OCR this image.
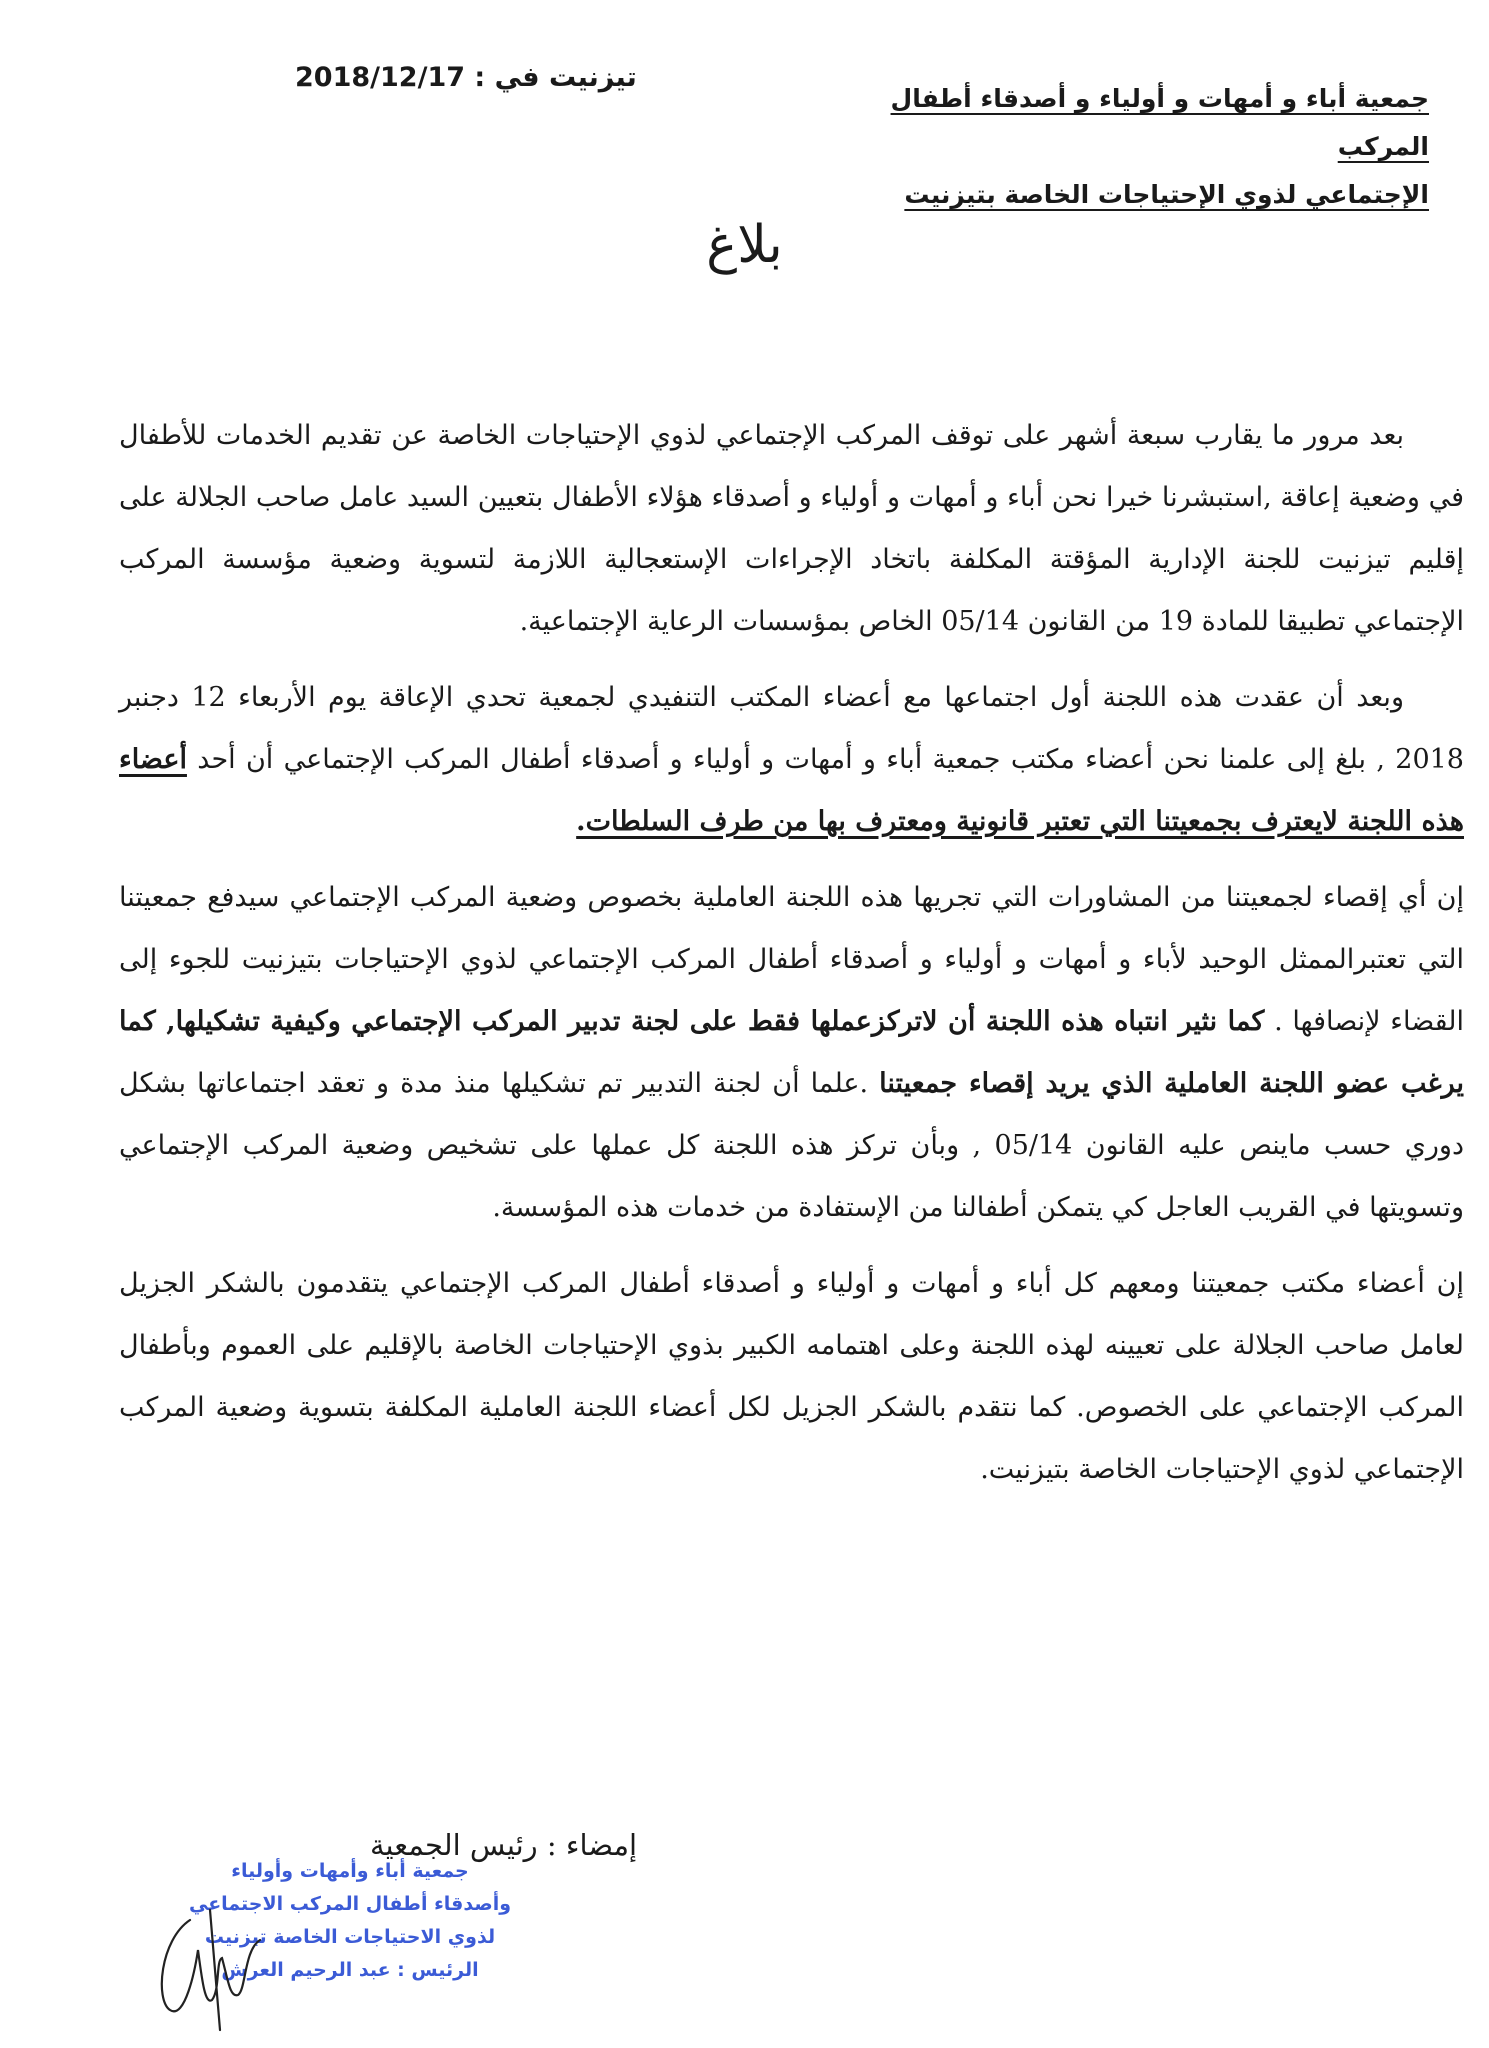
جمعية أباء و أمهات و أولياء و أصدقاء أطفال المركب
الإجتماعي لذوي الإحتياجات الخاصة بتيزنيت
تيزنيت في : 2018/12/17
بلاغ

بعد مرور ما يقارب سبعة أشهر على توقف المركب الإجتماعي لذوي الإحتياجات الخاصة عن تقديم الخدمات للأطفال في وضعية إعاقة ,استبشرنا خيرا نحن أباء و أمهات و أولياء و أصدقاء هؤلاء الأطفال بتعيين السيد عامل صاحب الجلالة على إقليم تيزنيت للجنة الإدارية المؤقتة المكلفة باتخاد الإجراءات الإستعجالية اللازمة لتسوية وضعية مؤسسة المركب الإجتماعي تطبيقا للمادة 19 من القانون 05/14 الخاص بمؤسسات الرعاية الإجتماعية.

وبعد أن عقدت هذه اللجنة أول اجتماعها مع أعضاء المكتب التنفيدي لجمعية تحدي الإعاقة يوم الأربعاء 12 دجنبر 2018 , بلغ إلى علمنا نحن أعضاء مكتب جمعية أباء و أمهات و أولياء و أصدقاء أطفال المركب الإجتماعي أن أحد أعضاء هذه اللجنة لايعترف بجمعيتنا التي تعتبر قانونية ومعترف بها من طرف السلطات.

إن أي إقصاء لجمعيتنا من المشاورات التي تجريها هذه اللجنة العاملية بخصوص وضعية المركب الإجتماعي سيدفع جمعيتنا التي تعتبرالممثل الوحيد لأباء و أمهات و أولياء و أصدقاء أطفال المركب الإجتماعي لذوي الإحتياجات بتيزنيت للجوء إلى القضاء لإنصافها . كما نثير انتباه هذه اللجنة أن لاتركزعملها فقط على لجنة تدبير المركب الإجتماعي وكيفية تشكيلها, كما يرغب عضو اللجنة العاملية الذي يريد إقصاء جمعيتنا .علما أن لجنة التدبير تم تشكيلها منذ مدة و تعقد اجتماعاتها بشكل دوري حسب ماينص عليه القانون 05/14 , وبأن تركز هذه اللجنة كل عملها على تشخيص وضعية المركب الإجتماعي وتسويتها في القريب العاجل كي يتمكن أطفالنا من الإستفادة من خدمات هذه المؤسسة.

إن أعضاء مكتب جمعيتنا ومعهم كل أباء و أمهات و أولياء و أصدقاء أطفال المركب الإجتماعي يتقدمون بالشكر الجزيل لعامل صاحب الجلالة على تعيينه لهذه اللجنة وعلى اهتمامه الكبير بذوي الإحتياجات الخاصة بالإقليم على العموم وبأطفال المركب الإجتماعي على الخصوص. كما نتقدم بالشكر الجزيل لكل أعضاء اللجنة العاملية المكلفة بتسوية وضعية المركب الإجتماعي لذوي الإحتياجات الخاصة بتيزنيت.

إمضاء : رئيس الجمعية
جمعية أباء وأمهات وأولياء
وأصدقاء أطفال المركب الاجتماعي
لذوي الاحتياجات الخاصة تيزنيت
الرئيس : عبد الرحيم العرش
